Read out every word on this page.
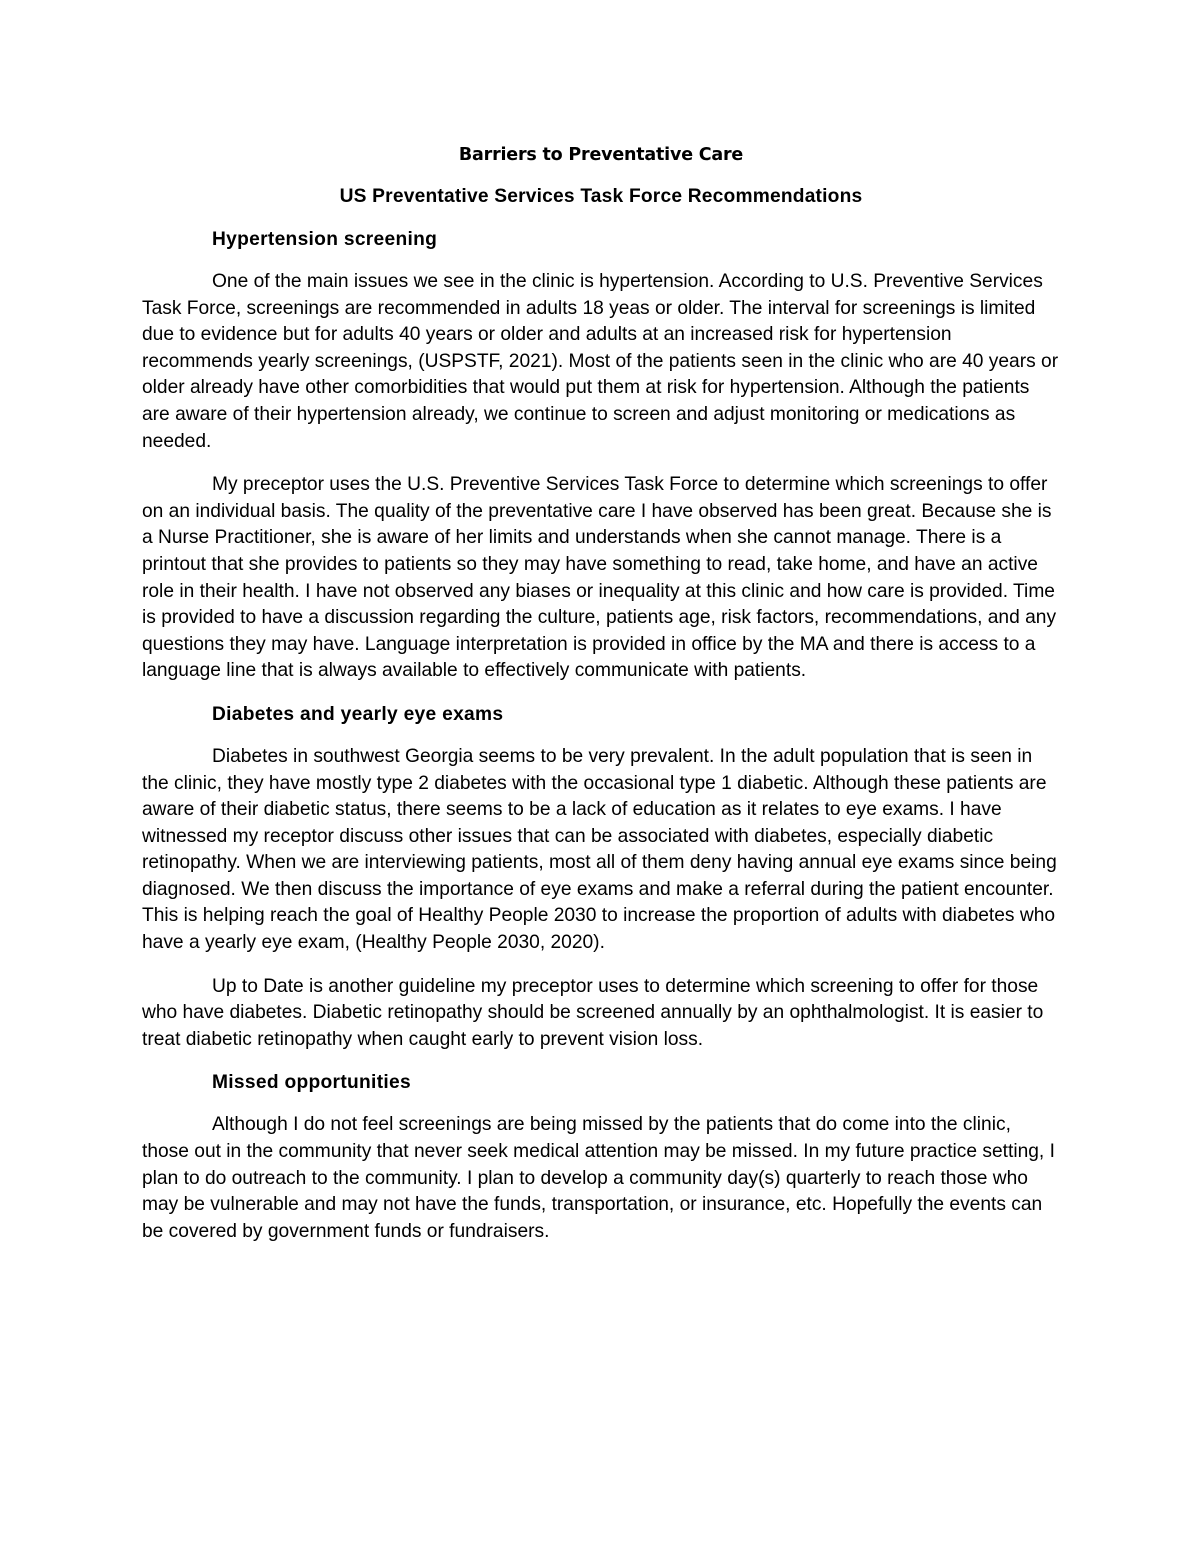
Barriers to Preventative Care
US Preventative Services Task Force Recommendations
Hypertension screening

One of the main issues we see in the clinic is hypertension. According to U.S. Preventive Services Task Force, screenings are recommended in adults 18 yeas or older. The interval for screenings is limited due to evidence but for adults 40 years or older and adults at an increased risk for hypertension recommends yearly screenings, (USPSTF, 2021). Most of the patients seen in the clinic who are 40 years or older already have other comorbidities that would put them at risk for hypertension. Although the patients are aware of their hypertension already, we continue to screen and adjust monitoring or medications as needed.

My preceptor uses the U.S. Preventive Services Task Force to determine which screenings to offer on an individual basis. The quality of the preventative care I have observed has been great. Because she is a Nurse Practitioner, she is aware of her limits and understands when she cannot manage. There is a printout that she provides to patients so they may have something to read, take home, and have an active role in their health. I have not observed any biases or inequality at this clinic and how care is provided. Time is provided to have a discussion regarding the culture, patients age, risk factors, recommendations, and any questions they may have. Language interpretation is provided in office by the MA and there is access to a language line that is always available to effectively communicate with patients.

Diabetes and yearly eye exams

Diabetes in southwest Georgia seems to be very prevalent. In the adult population that is seen in the clinic, they have mostly type 2 diabetes with the occasional type 1 diabetic. Although these patients are aware of their diabetic status, there seems to be a lack of education as it relates to eye exams. I have witnessed my receptor discuss other issues that can be associated with diabetes, especially diabetic retinopathy. When we are interviewing patients, most all of them deny having annual eye exams since being diagnosed. We then discuss the importance of eye exams and make a referral during the patient encounter. This is helping reach the goal of Healthy People 2030 to increase the proportion of adults with diabetes who have a yearly eye exam, (Healthy People 2030, 2020).

Up to Date is another guideline my preceptor uses to determine which screening to offer for those who have diabetes. Diabetic retinopathy should be screened annually by an ophthalmologist. It is easier to treat diabetic retinopathy when caught early to prevent vision loss.

Missed opportunities

Although I do not feel screenings are being missed by the patients that do come into the clinic, those out in the community that never seek medical attention may be missed. In my future practice setting, I plan to do outreach to the community. I plan to develop a community day(s) quarterly to reach those who may be vulnerable and may not have the funds, transportation, or insurance, etc. Hopefully the events can be covered by government funds or fundraisers.
